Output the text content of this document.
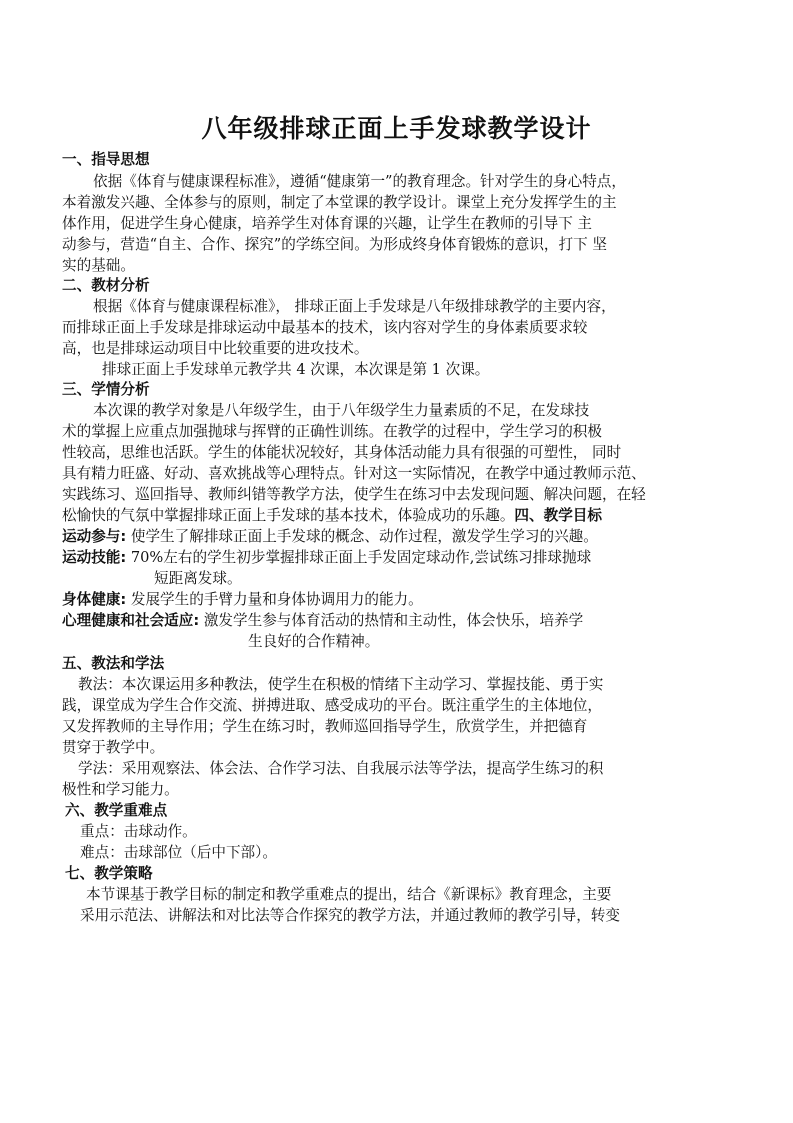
八年级排球正面上手发球教学设计
一、指导思想
依据《体育与健康课程标准》，遵循“健康第一”的教育理念。针对学生的身心特点，
本着激发兴趣、全体参与的原则，制定了本堂课的教学设计。课堂上充分发挥学生的主
体作用，促进学生身心健康，培养学生对体育课的兴趣，让学生在教师的引导下 主
动参与，营造“自主、合作、探究”的学练空间。为形成终身体育锻炼的意识，打下 坚
实的基础。
二、教材分析
根据《体育与健康课程标准》， 排球正面上手发球是八年级排球教学的主要内容，
而排球正面上手发球是排球运动中最基本的技术，该内容对学生的身体素质要求较
高，也是排球运动项目中比较重要的进攻技术。
排球正面上手发球单元教学共 4 次课，本次课是第 1 次课。
三、学情分析
本次课的教学对象是八年级学生，由于八年级学生力量素质的不足，在发球技
术的掌握上应重点加强抛球与挥臂的正确性训练。在教学的过程中，学生学习的积极
性较高，思维也活跃。学生的体能状况较好，其身体活动能力具有很强的可塑性， 同时
具有精力旺盛、好动、喜欢挑战等心理特点。针对这一实际情况，在教学中通过教师示范、
实践练习、巡回指导、教师纠错等教学方法，使学生在练习中去发现问题、解决问题，在轻
松愉快的气氛中掌握排球正面上手发球的基本技术，体验成功的乐趣。四、教学目标
运动参与: 使学生了解排球正面上手发球的概念、动作过程，激发学生学习的兴趣。
运动技能: 70%左右的学生初步掌握排球正面上手发固定球动作,尝试练习排球抛球
短距离发球。
身体健康: 发展学生的手臂力量和身体协调用力的能力。
心理健康和社会适应: 激发学生参与体育活动的热情和主动性，体会快乐，培养学
生良好的合作精神。
五、教法和学法
教法：本次课运用多种教法，使学生在积极的情绪下主动学习、掌握技能、勇于实
践，课堂成为学生合作交流、拼搏进取、感受成功的平台。既注重学生的主体地位，
又发挥教师的主导作用；学生在练习时，教师巡回指导学生，欣赏学生，并把德育
贯穿于教学中。
学法：采用观察法、体会法、合作学习法、自我展示法等学法，提高学生练习的积
极性和学习能力。
六、教学重难点
重点：击球动作。
难点：击球部位（后中下部）。
七、教学策略
本节课基于教学目标的制定和教学重难点的提出，结合《新课标》教育理念，主要
采用示范法、讲解法和对比法等合作探究的教学方法，并通过教师的教学引导，转变
